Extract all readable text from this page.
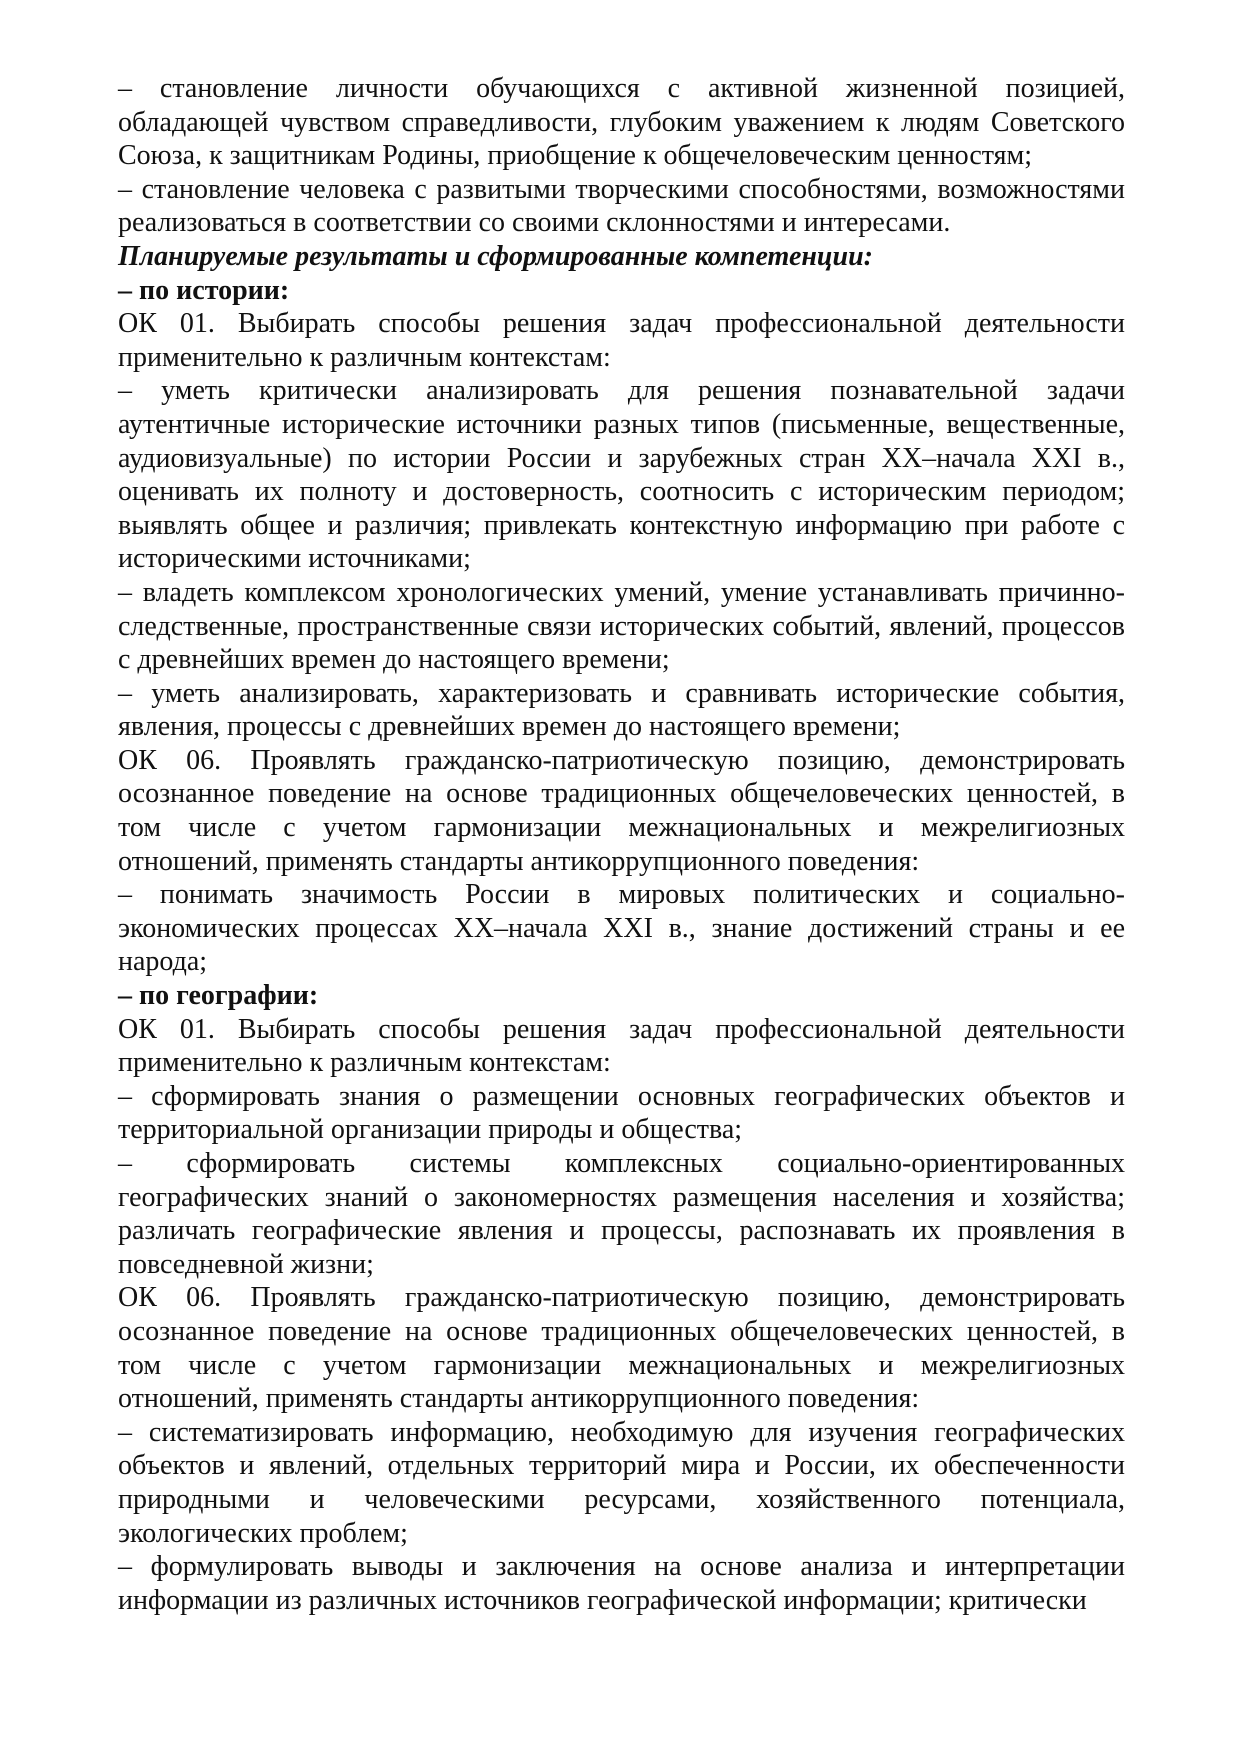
– становление личности обучающихся с активной жизненной позицией, обладающей чувством справедливости, глубоким уважением к людям Советского Союза, к защитникам Родины, приобщение к общечеловеческим ценностям;

– становление человека с развитыми творческими способностями, возможностями реализоваться в соответствии со своими склонностями и интересами.

Планируемые результаты и сформированные компетенции:

– по истории:

ОК 01. Выбирать способы решения задач профессиональной деятельности применительно к различным контекстам:

– уметь критически анализировать для решения познавательной задачи аутентичные исторические источники разных типов (письменные, вещественные, аудиовизуальные) по истории России и зарубежных стран XX–начала XXI в., оценивать их полноту и достоверность, соотносить с историческим периодом; выявлять общее и различия; привлекать контекстную информацию при работе с историческими источниками;

– владеть комплексом хронологических умений, умение устанавливать причинно-следственные, пространственные связи исторических событий, явлений, процессов с древнейших времен до настоящего времени;

– уметь анализировать, характеризовать и сравнивать исторические события, явления, процессы с древнейших времен до настоящего времени;

ОК 06. Проявлять гражданско-патриотическую позицию, демонстрировать осознанное поведение на основе традиционных общечеловеческих ценностей, в том числе с учетом гармонизации межнациональных и межрелигиозных отношений, применять стандарты антикоррупционного поведения:

– понимать значимость России в мировых политических и социально-экономических процессах XX–начала XXI в., знание достижений страны и ее народа;

– по географии:

ОК 01. Выбирать способы решения задач профессиональной деятельности применительно к различным контекстам:

– сформировать знания о размещении основных географических объектов и территориальной организации природы и общества;

– сформировать системы комплексных социально-ориентированных географических знаний о закономерностях размещения населения и хозяйства; различать географические явления и процессы, распознавать их проявления в повседневной жизни;

ОК 06. Проявлять гражданско-патриотическую позицию, демонстрировать осознанное поведение на основе традиционных общечеловеческих ценностей, в том числе с учетом гармонизации межнациональных и межрелигиозных отношений, применять стандарты антикоррупционного поведения:

– систематизировать информацию, необходимую для изучения географических объектов и явлений, отдельных территорий мира и России, их обеспеченности природными и человеческими ресурсами, хозяйственного потенциала, экологических проблем;

– формулировать выводы и заключения на основе анализа и интерпретации информации из различных источников географической информации; критически
